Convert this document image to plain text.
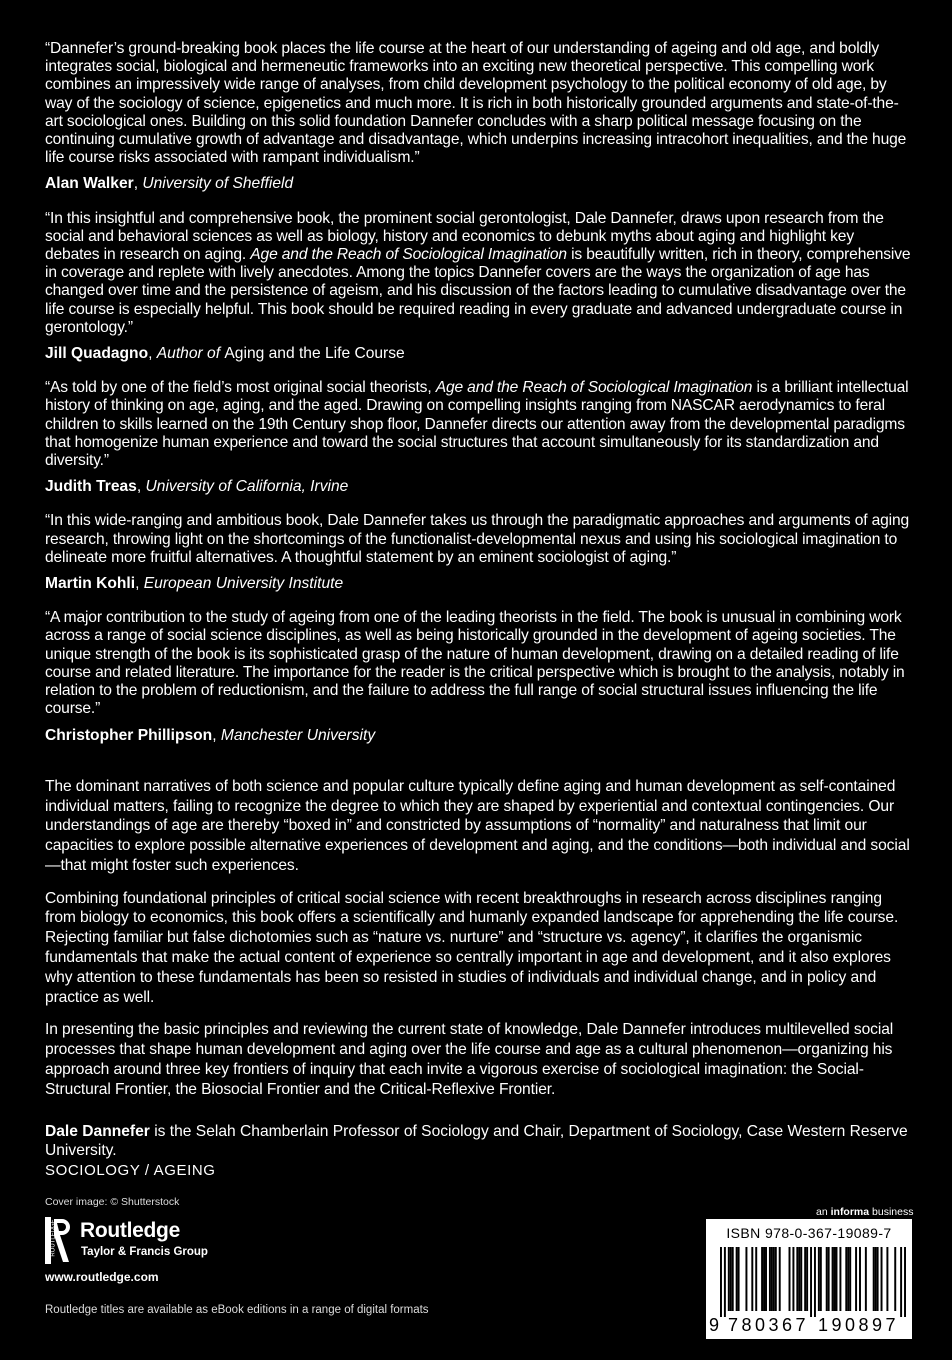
“Dannefer’s ground-breaking book places the life course at the heart of our understanding of ageing and old age, and boldly integrates social, biological and hermeneutic frameworks into an exciting new theoretical perspective. This compelling work combines an impressively wide range of analyses, from child development psychology to the political economy of old age, by way of the sociology of science, epigenetics and much more. It is rich in both historically grounded arguments and state-of-the-art sociological ones. Building on this solid foundation Dannefer concludes with a sharp political message focusing on the continuing cumulative growth of advantage and disadvantage, which underpins increasing intracohort inequalities, and the huge life course risks associated with rampant individualism.”

Alan Walker, University of Sheffield

“In this insightful and comprehensive book, the prominent social gerontologist, Dale Dannefer, draws upon research from the social and behavioral sciences as well as biology, history and economics to debunk myths about aging and highlight key debates in research on aging. Age and the Reach of Sociological Imagination is beautifully written, rich in theory, comprehensive in coverage and replete with lively anecdotes. Among the topics Dannefer covers are the ways the organization of age has changed over time and the persistence of ageism, and his discussion of the factors leading to cumulative disadvantage over the life course is especially helpful. This book should be required reading in every graduate and advanced undergraduate course in gerontology.”

Jill Quadagno, Author of Aging and the Life Course

“As told by one of the field’s most original social theorists, Age and the Reach of Sociological Imagination is a brilliant intellectual history of thinking on age, aging, and the aged. Drawing on compelling insights ranging from NASCAR aerodynamics to feral children to skills learned on the 19th Century shop floor, Dannefer directs our attention away from the developmental paradigms that homogenize human experience and toward the social structures that account simultaneously for its standardization and diversity.”

Judith Treas, University of California, Irvine

“In this wide-ranging and ambitious book, Dale Dannefer takes us through the paradigmatic approaches and arguments of aging research, throwing light on the shortcomings of the functionalist-developmental nexus and using his sociological imagination to delineate more fruitful alternatives. A thoughtful statement by an eminent sociologist of aging.”

Martin Kohli, European University Institute

“A major contribution to the study of ageing from one of the leading theorists in the field. The book is unusual in combining work across a range of social science disciplines, as well as being historically grounded in the development of ageing societies. The unique strength of the book is its sophisticated grasp of the nature of human development, drawing on a detailed reading of life course and related literature. The importance for the reader is the critical perspective which is brought to the analysis, notably in relation to the problem of reductionism, and the failure to address the full range of social structural issues influencing the life course.”

Christopher Phillipson, Manchester University

The dominant narratives of both science and popular culture typically define aging and human development as self-contained individual matters, failing to recognize the degree to which they are shaped by experiential and contextual contingencies. Our understandings of age are thereby “boxed in” and constricted by assumptions of “normality” and naturalness that limit our capacities to explore possible alternative experiences of development and aging, and the conditions—both individual and social—that might foster such experiences.

Combining foundational principles of critical social science with recent breakthroughs in research across disciplines ranging from biology to economics, this book offers a scientifically and humanly expanded landscape for apprehending the life course. Rejecting familiar but false dichotomies such as “nature vs. nurture” and “structure vs. agency”, it clarifies the organismic fundamentals that make the actual content of experience so centrally important in age and development, and it also explores why attention to these fundamentals has been so resisted in studies of individuals and individual change, and in policy and practice as well.

In presenting the basic principles and reviewing the current state of knowledge, Dale Dannefer introduces multilevelled social processes that shape human development and aging over the life course and age as a cultural phenomenon—organizing his approach around three key frontiers of inquiry that each invite a vigorous exercise of sociological imagination: the Social-Structural Frontier, the Biosocial Frontier and the Critical-Reflexive Frontier.

Dale Dannefer is the Selah Chamberlain Professor of Sociology and Chair, Department of Sociology, Case Western Reserve University.

SOCIOLOGY / AGEING
Cover image: © Shutterstock
ROUTLEDGE Routledge
Taylor & Francis Group
www.routledge.com
Routledge titles are available as eBook editions in a range of digital formats
an informa business
ISBN 978-0-367-19089-7
9 780367 190897
